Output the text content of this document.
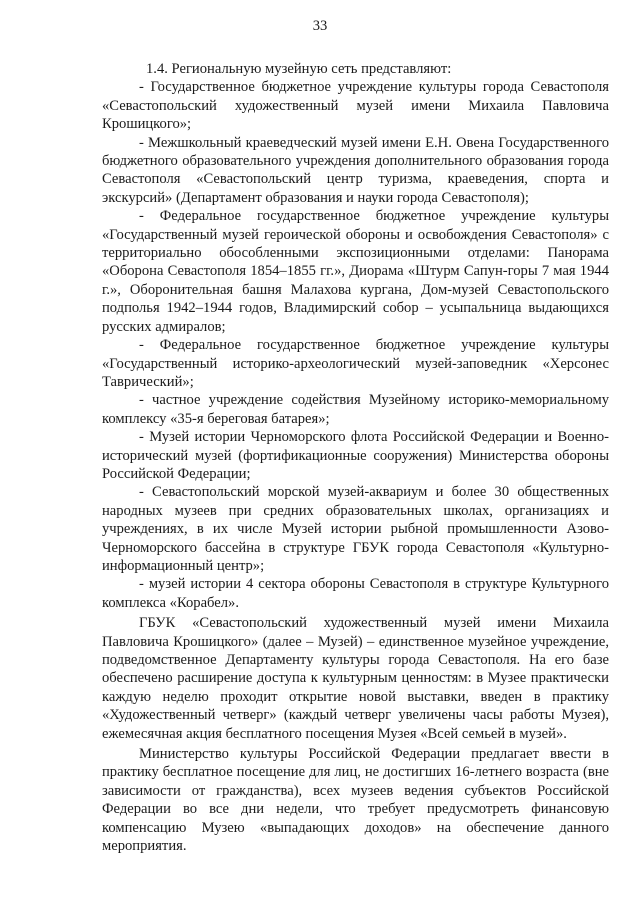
33

1.4. Региональную музейную сеть представляют:

- Государственное бюджетное учреждение культуры города Севастополя «Севастопольский художественный музей имени Михаила Павловича Крошицкого»;

- Межшкольный краеведческий музей имени Е.Н. Овена Государственного бюджетного образовательного учреждения дополнительного образования города Севастополя «Севастопольский центр туризма, краеведения, спорта и экскурсий» (Департамент образования и науки города Севастополя);

- Федеральное государственное бюджетное учреждение культуры «Государственный музей героической обороны и освобождения Севастополя» с территориально обособленными экспозиционными отделами: Панорама «Оборона Севастополя 1854–1855 гг.», Диорама «Штурм Сапун-горы 7 мая 1944 г.», Оборонительная башня Малахова кургана, Дом-музей Севастопольского подполья 1942–1944 годов, Владимирский собор – усыпальница выдающихся русских адмиралов;

- Федеральное государственное бюджетное учреждение культуры «Государственный историко-археологический музей-заповедник «Херсонес Таврический»;

- частное учреждение содействия Музейному историко-мемориальному комплексу «35-я береговая батарея»;

- Музей истории Черноморского флота Российской Федерации и Военно-исторический музей (фортификационные сооружения) Министерства обороны Российской Федерации;

- Севастопольский морской музей-аквариум и более 30 общественных народных музеев при средних образовательных школах, организациях и учреждениях, в их числе Музей истории рыбной промышленности Азово-Черноморского бассейна в структуре ГБУК города Севастополя «Культурно-информационный центр»;

- музей истории 4 сектора обороны Севастополя в структуре Культурного комплекса «Корабел».

ГБУК «Севастопольский художественный музей имени Михаила Павловича Крошицкого» (далее – Музей) – единственное музейное учреждение, подведомственное Департаменту культуры города Севастополя. На его базе обеспечено расширение доступа к культурным ценностям: в Музее практически каждую неделю проходит открытие новой выставки, введен в практику «Художественный четверг» (каждый четверг увеличены часы работы Музея), ежемесячная акция бесплатного посещения Музея «Всей семьей в музей».

Министерство культуры Российской Федерации предлагает ввести в практику бесплатное посещение для лиц, не достигших 16-летнего возраста (вне зависимости от гражданства), всех музеев ведения субъектов Российской Федерации во все дни недели, что требует предусмотреть финансовую компенсацию Музею «выпадающих доходов» на обеспечение данного мероприятия.
